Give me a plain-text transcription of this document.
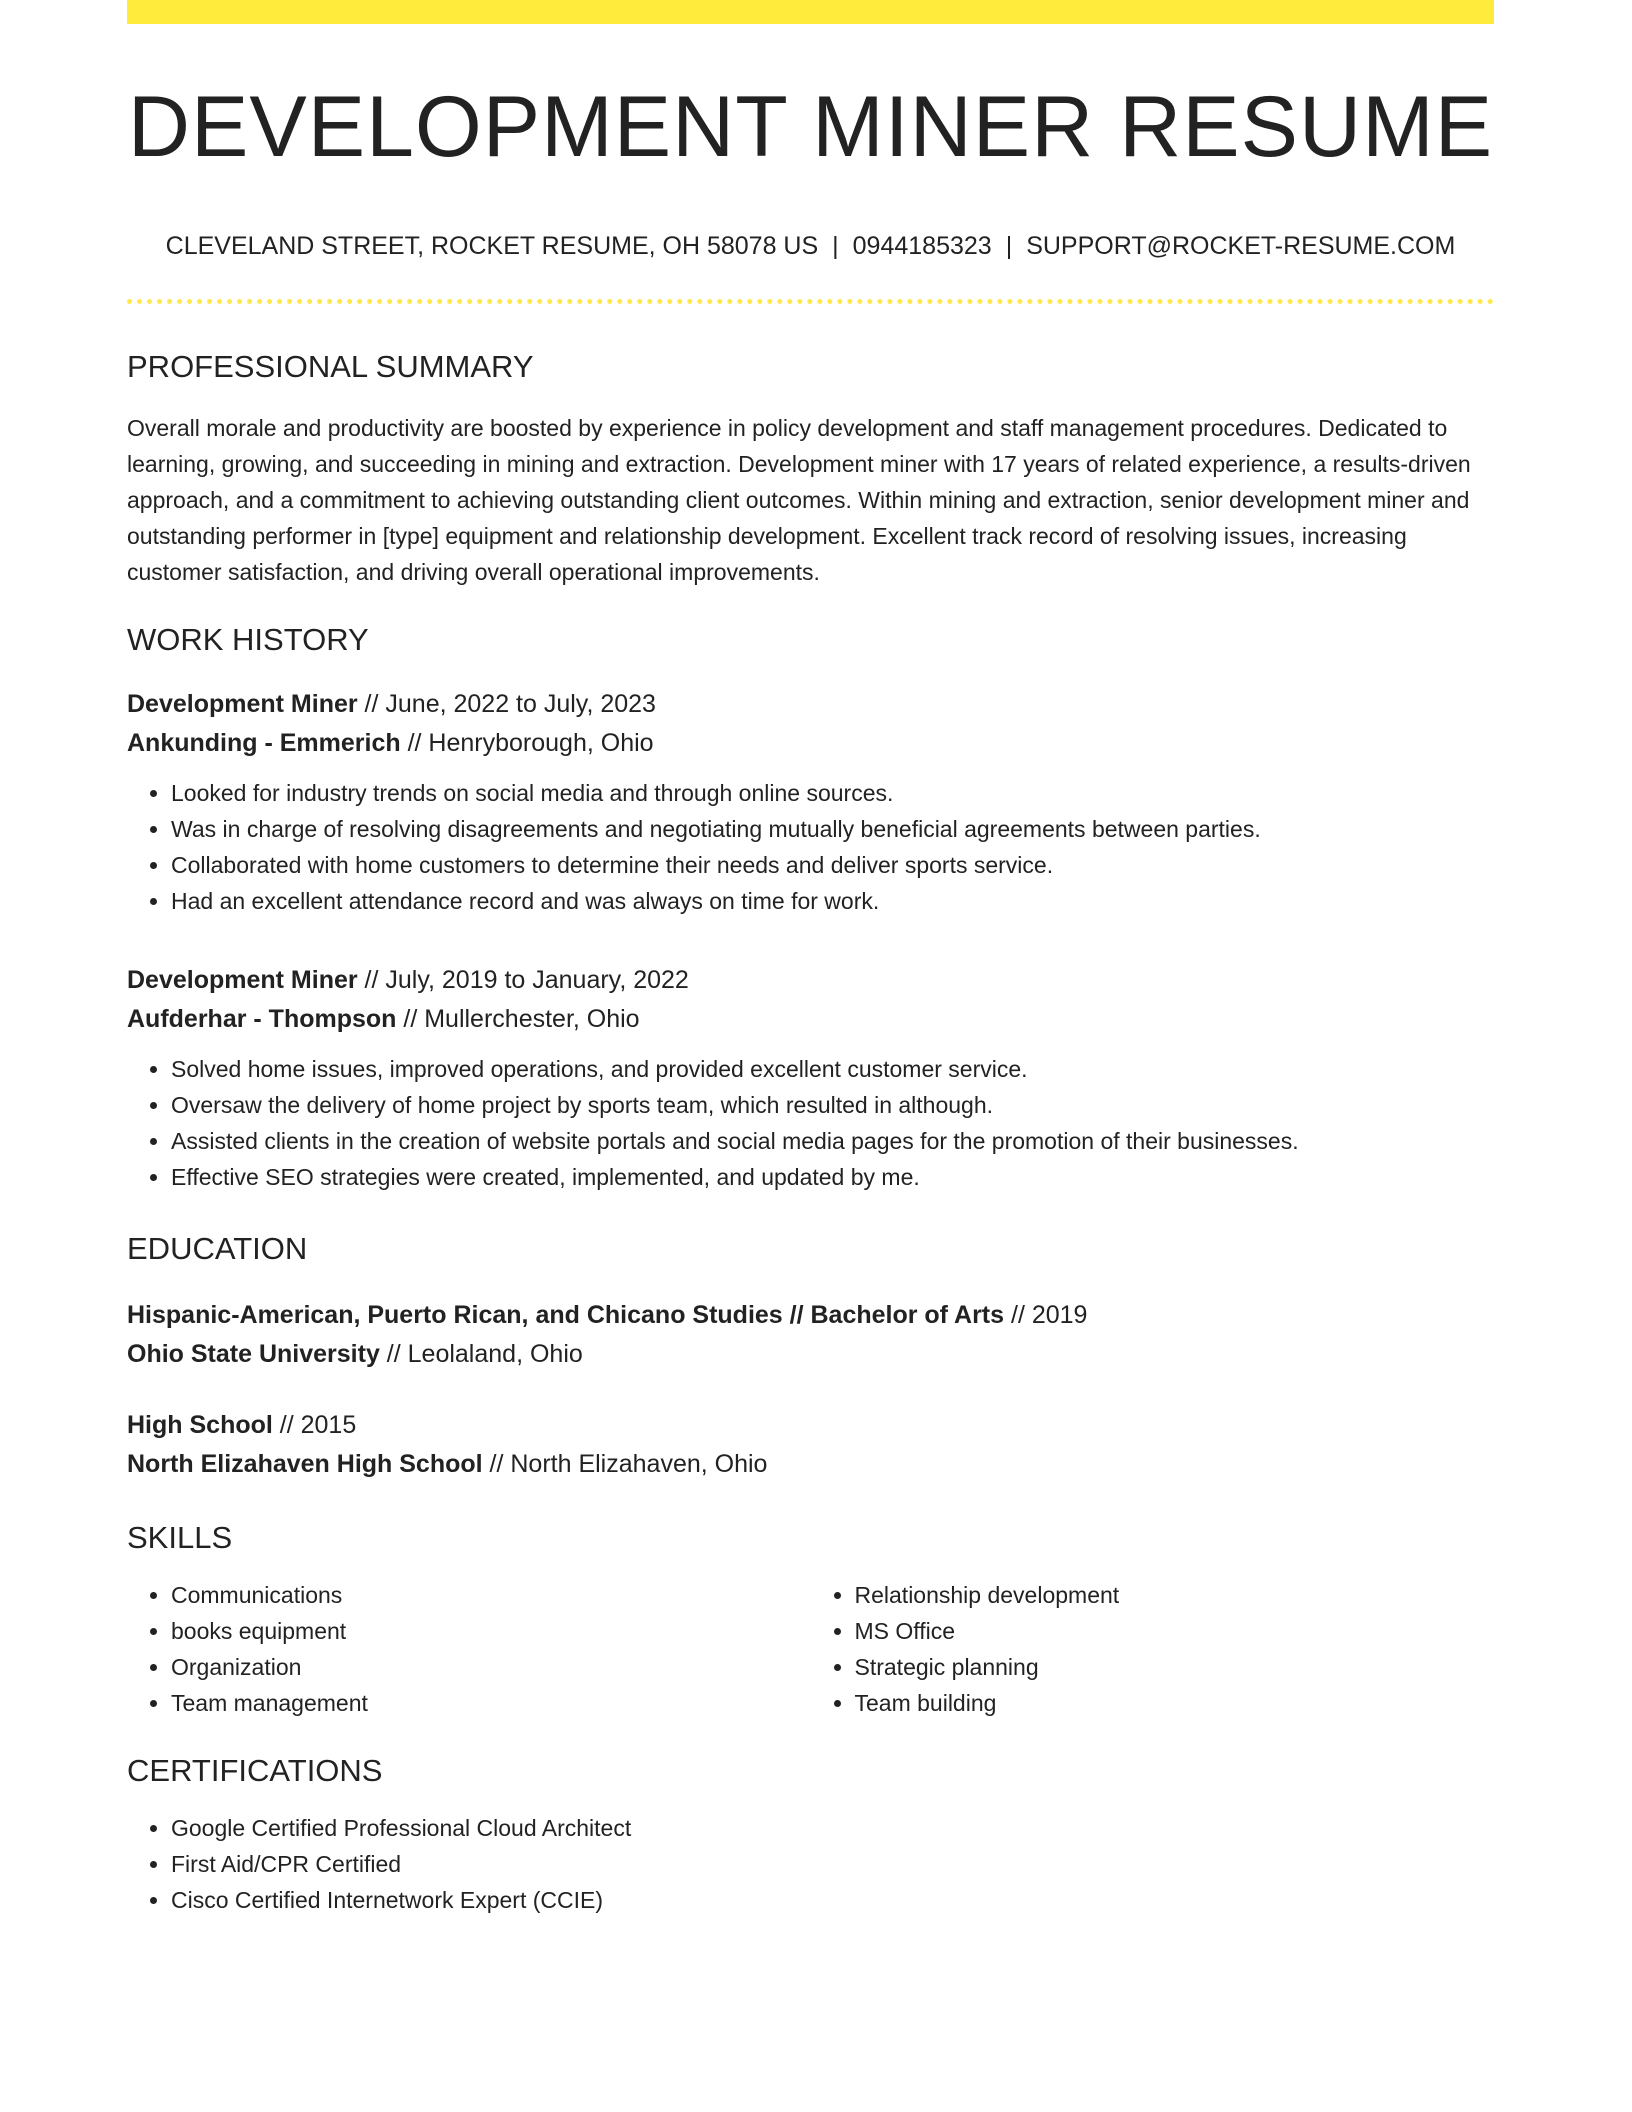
DEVELOPMENT MINER RESUME
CLEVELAND STREET, ROCKET RESUME, OH 58078 US | 0944185323 | SUPPORT@ROCKET-RESUME.COM
PROFESSIONAL SUMMARY
Overall morale and productivity are boosted by experience in policy development and staff management procedures. Dedicated to learning, growing, and succeeding in mining and extraction. Development miner with 17 years of related experience, a results-driven approach, and a commitment to achieving outstanding client outcomes. Within mining and extraction, senior development miner and outstanding performer in [type] equipment and relationship development. Excellent track record of resolving issues, increasing customer satisfaction, and driving overall operational improvements.
WORK HISTORY
Development Miner // June, 2022 to July, 2023
Ankunding - Emmerich // Henryborough, Ohio
• Looked for industry trends on social media and through online sources.
• Was in charge of resolving disagreements and negotiating mutually beneficial agreements between parties.
• Collaborated with home customers to determine their needs and deliver sports service.
• Had an excellent attendance record and was always on time for work.
Development Miner // July, 2019 to January, 2022
Aufderhar - Thompson // Mullerchester, Ohio
• Solved home issues, improved operations, and provided excellent customer service.
• Oversaw the delivery of home project by sports team, which resulted in although.
• Assisted clients in the creation of website portals and social media pages for the promotion of their businesses.
• Effective SEO strategies were created, implemented, and updated by me.
EDUCATION
Hispanic-American, Puerto Rican, and Chicano Studies // Bachelor of Arts // 2019
Ohio State University // Leolaland, Ohio
High School // 2015
North Elizahaven High School // North Elizahaven, Ohio
SKILLS
• Communications
• books equipment
• Organization
• Team management
• Relationship development
• MS Office
• Strategic planning
• Team building
CERTIFICATIONS
• Google Certified Professional Cloud Architect
• First Aid/CPR Certified
• Cisco Certified Internetwork Expert (CCIE)
